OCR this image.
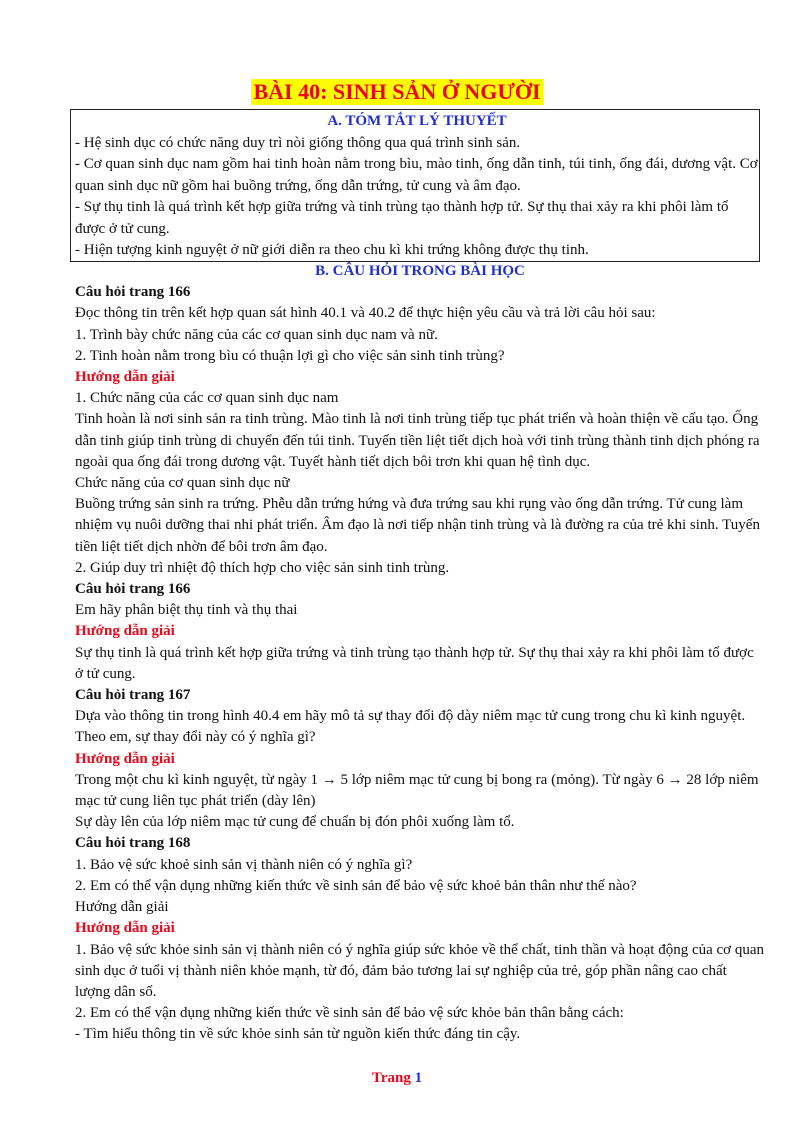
BÀI 40: SINH SẢN Ở NGƯỜI

A. TÓM TẮT LÝ THUYẾT

- Hệ sinh dục có chức năng duy trì nòi giống thông qua quá trình sinh sản.

- Cơ quan sinh dục nam gồm hai tinh hoàn nằm trong bìu, mào tinh, ống dẫn tinh, túi tinh, ống đái, dương vật. Cơ quan sinh dục nữ gồm hai buồng trứng, ống dẫn trứng, tử cung và âm đạo.

- Sự thụ tinh là quá trình kết hợp giữa trứng và tinh trùng tạo thành hợp tử. Sự thụ thai xảy ra khi phôi làm tổ được ở tử cung.

- Hiện tượng kinh nguyệt ở nữ giới diễn ra theo chu kì khi trứng không được thụ tinh.

B. CÂU HỎI TRONG BÀI HỌC

Câu hỏi trang 166

Đọc thông tin trên kết hợp quan sát hình 40.1 và 40.2 để thực hiện yêu cầu và trả lời câu hỏi sau:

1. Trình bày chức năng của các cơ quan sinh dục nam và nữ.

2. Tinh hoàn nằm trong bìu có thuận lợi gì cho việc sản sinh tinh trùng?

Hướng dẫn giải

1. Chức năng của các cơ quan sinh dục nam

Tinh hoàn là nơi sinh sản ra tinh trùng. Mào tinh là nơi tinh trùng tiếp tục phát triển và hoàn thiện về cấu tạo. Ống dẫn tinh giúp tinh trùng di chuyển đến túi tinh. Tuyến tiền liệt tiết dịch hoà với tinh trùng thành tinh dịch phóng ra ngoài qua ống đái trong dương vật. Tuyết hành tiết dịch bôi trơn khi quan hệ tình dục.

Chức năng của cơ quan sinh dục nữ

Buồng trứng sản sinh ra trứng. Phễu dẫn trứng hứng và đưa trứng sau khi rụng vào ống dẫn trứng. Tử cung làm nhiệm vụ nuôi dưỡng thai nhi phát triển. Âm đạo là nơi tiếp nhận tinh trùng và là đường ra của trẻ khi sinh. Tuyến tiền liệt tiết dịch nhờn để bôi trơn âm đạo.

2. Giúp duy trì nhiệt độ thích hợp cho việc sản sinh tinh trùng.

Câu hỏi trang 166

Em hãy phân biệt thụ tinh và thụ thai

Hướng dẫn giải

Sự thụ tinh là quá trình kết hợp giữa trứng và tinh trùng tạo thành hợp tử. Sự thụ thai xảy ra khi phôi làm tổ được ở tử cung.

Câu hỏi trang 167

Dựa vào thông tin trong hình 40.4 em hãy mô tả sự thay đổi độ dày niêm mạc tử cung trong chu kì kinh nguyệt. Theo em, sự thay đổi này có ý nghĩa gì?

Hướng dẫn giải

Trong một chu kì kinh nguyệt, từ ngày 1 → 5 lớp niêm mạc tử cung bị bong ra (mỏng). Từ ngày 6 → 28 lớp niêm mạc tử cung liên tục phát triển (dày lên)

Sự dày lên của lớp niêm mạc tử cung để chuẩn bị đón phôi xuống làm tổ.

Câu hỏi trang 168

1. Bảo vệ sức khoẻ sinh sản vị thành niên có ý nghĩa gì?

2. Em có thể vận dụng những kiến thức về sinh sản để bảo vệ sức khoẻ bản thân như thế nào?

Hướng dẫn giải

Hướng dẫn giải

1. Bảo vệ sức khỏe sinh sản vị thành niên có ý nghĩa giúp sức khỏe về thể chất, tinh thần và hoạt động của cơ quan sinh dục ở tuổi vị thành niên khỏe mạnh, từ đó, đảm bảo tương lai sự nghiệp của trẻ, góp phần nâng cao chất lượng dân số.

2. Em có thể vận dụng những kiến thức về sinh sản để bảo vệ sức khỏe bản thân bằng cách:

- Tìm hiểu thông tin về sức khỏe sinh sản từ nguồn kiến thức đáng tin cậy.

Trang 1
